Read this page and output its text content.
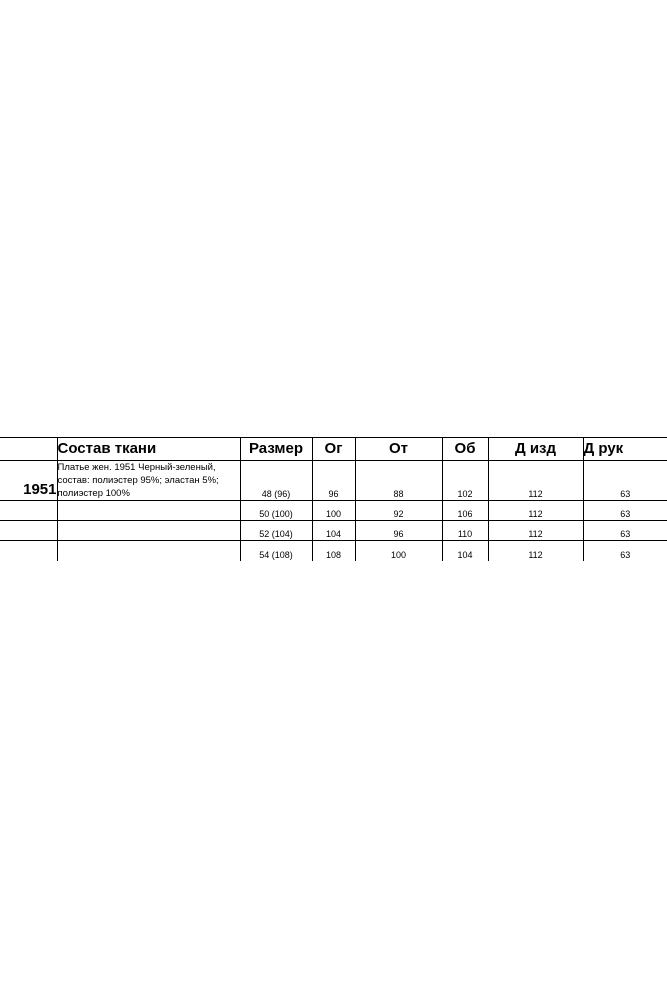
	Состав ткани	Размер	Ог	От	Об	Д изд	Д рук
1951	Платье жен. 1951 Черный-зеленый,
состав: полиэстер 95%; эластан 5%;
полиэстер 100%	48 (96)	96	88	102	112	63
		50 (100)	100	92	106	112	63
		52 (104)	104	96	110	112	63
		54 (108)	108	100	104	112	63
